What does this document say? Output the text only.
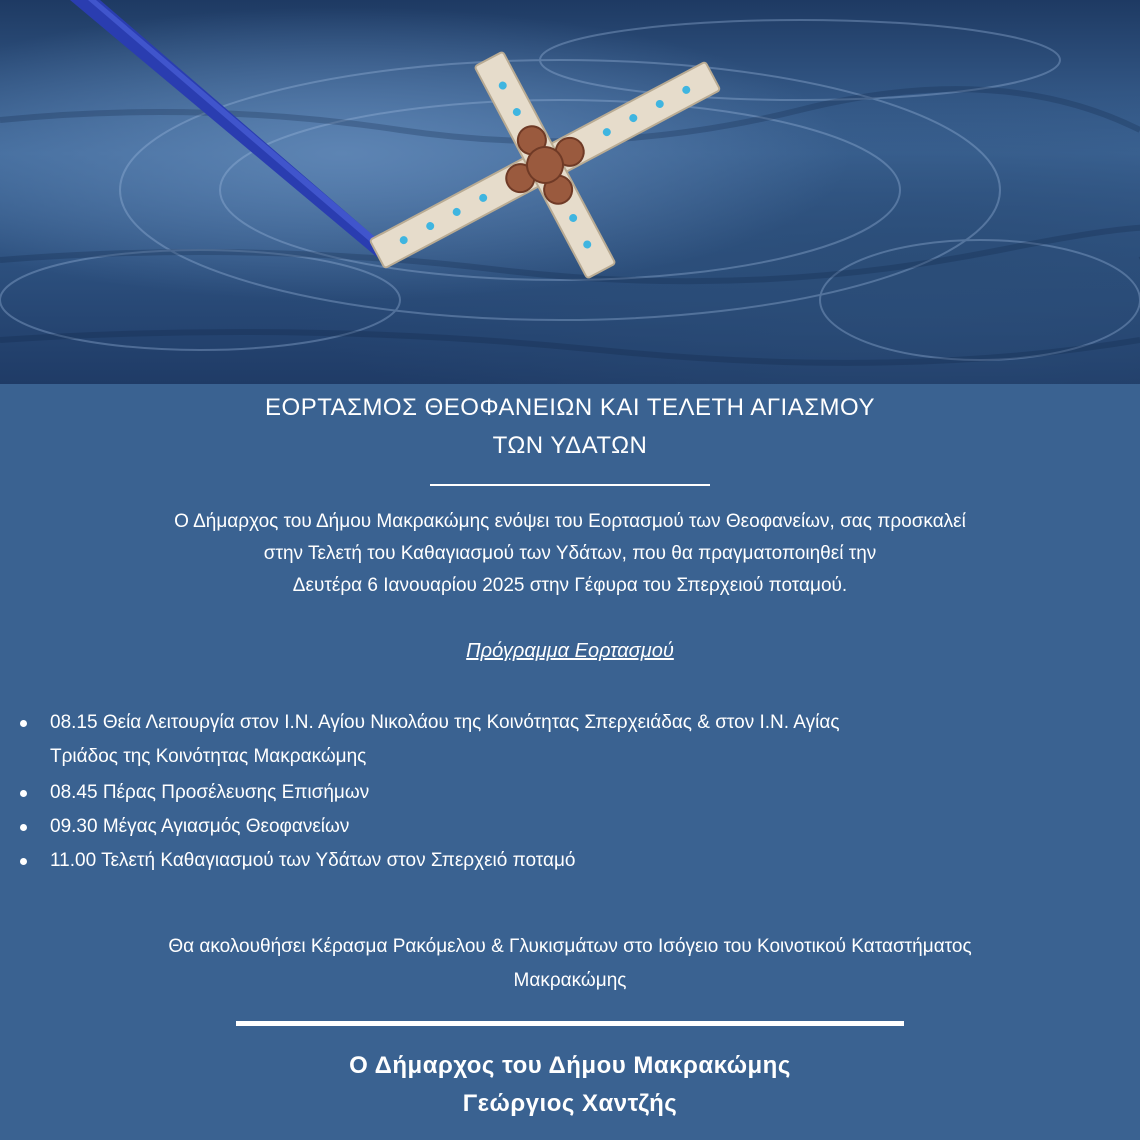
ΕΟΡΤΑΣΜΟΣ ΘΕΟΦΑΝΕΙΩΝ ΚΑΙ ΤΕΛΕΤΗ ΑΓΙΑΣΜΟΥ
ΤΩΝ ΥΔΑΤΩΝ
Ο Δήμαρχος του Δήμου Μακρακώμης ενόψει του Εορτασμού των Θεοφανείων, σας προσκαλεί
στην Τελετή του Καθαγιασμού των Υδάτων, που θα πραγματοποιηθεί την
Δευτέρα 6 Ιανουαρίου 2025 στην Γέφυρα του Σπερχειού ποταμού.
Πρόγραμμα Εορτασμού
08.15 Θεία Λειτουργία στον Ι.Ν. Αγίου Νικολάου της Κοινότητας Σπερχειάδας & στον Ι.Ν. Αγίας
Τριάδος της Κοινότητας Μακρακώμης
08.45 Πέρας Προσέλευσης Επισήμων
09.30 Μέγας Αγιασμός Θεοφανείων
11.00 Τελετή Καθαγιασμού των Υδάτων στον Σπερχειό ποταμό
Θα ακολουθήσει Κέρασμα Ρακόμελου & Γλυκισμάτων στο Ισόγειο του Κοινοτικού Καταστήματος
Μακρακώμης
Ο Δήμαρχος του Δήμου Μακρακώμης
Γεώργιος Χαντζής
